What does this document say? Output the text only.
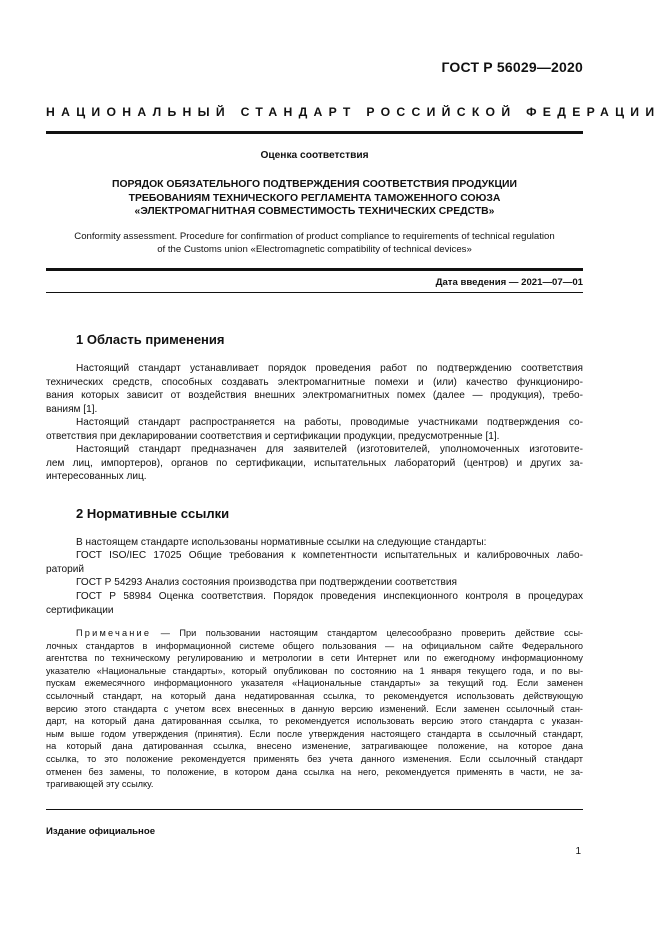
ГОСТ Р 56029—2020
НАЦИОНАЛЬНЫЙ СТАНДАРТ РОССИЙСКОЙ ФЕДЕРАЦИИ
Оценка соответствия
ПОРЯДОК ОБЯЗАТЕЛЬНОГО ПОДТВЕРЖДЕНИЯ СООТВЕТСТВИЯ ПРОДУКЦИИ
ТРЕБОВАНИЯМ ТЕХНИЧЕСКОГО РЕГЛАМЕНТА ТАМОЖЕННОГО СОЮЗА
«ЭЛЕКТРОМАГНИТНАЯ СОВМЕСТИМОСТЬ ТЕХНИЧЕСКИХ СРЕДСТВ»
Conformity assessment. Procedure for confirmation of product compliance to requirements of technical regulation
of the Customs union «Electromagnetic compatibility of technical devices»
Дата введения — 2021—07—01
1 Область применения
Настоящий стандарт устанавливает порядок проведения работ по подтверждению соответствия
технических средств, способных создавать электромагнитные помехи и (или) качество функциониро-
вания которых зависит от воздействия внешних электромагнитных помех (далее — продукция), требо-
ваниям [1].
Настоящий стандарт распространяется на работы, проводимые участниками подтверждения со-
ответствия при декларировании соответствия и сертификации продукции, предусмотренные [1].
Настоящий стандарт предназначен для заявителей (изготовителей, уполномоченных изготовите-
лем лиц, импортеров), органов по сертификации, испытательных лабораторий (центров) и других за-
интересованных лиц.
2 Нормативные ссылки
В настоящем стандарте использованы нормативные ссылки на следующие стандарты:
ГОСТ ISO/IEC 17025 Общие требования к компетентности испытательных и калибровочных лабо-
раторий
ГОСТ Р 54293 Анализ состояния производства при подтверждении соответствия
ГОСТ Р 58984 Оценка соответствия. Порядок проведения инспекционного контроля в процедурах
сертификации
Примечание — При пользовании настоящим стандартом целесообразно проверить действие ссы-
лочных стандартов в информационной системе общего пользования — на официальном сайте Федерального
агентства по техническому регулированию и метрологии в сети Интернет или по ежегодному информационному
указателю «Национальные стандарты», который опубликован по состоянию на 1 января текущего года, и по вы-
пускам ежемесячного информационного указателя «Национальные стандарты» за текущий год. Если заменен
ссылочный стандарт, на который дана недатированная ссылка, то рекомендуется использовать действующую
версию этого стандарта с учетом всех внесенных в данную версию изменений. Если заменен ссылочный стан-
дарт, на который дана датированная ссылка, то рекомендуется использовать версию этого стандарта с указан-
ным выше годом утверждения (принятия). Если после утверждения настоящего стандарта в ссылочный стандарт,
на который дана датированная ссылка, внесено изменение, затрагивающее положение, на которое дана
ссылка, то это положение рекомендуется применять без учета данного изменения. Если ссылочный стандарт
отменен без замены, то положение, в котором дана ссылка на него, рекомендуется применять в части, не за-
трагивающей эту ссылку.
Издание официальное
1
